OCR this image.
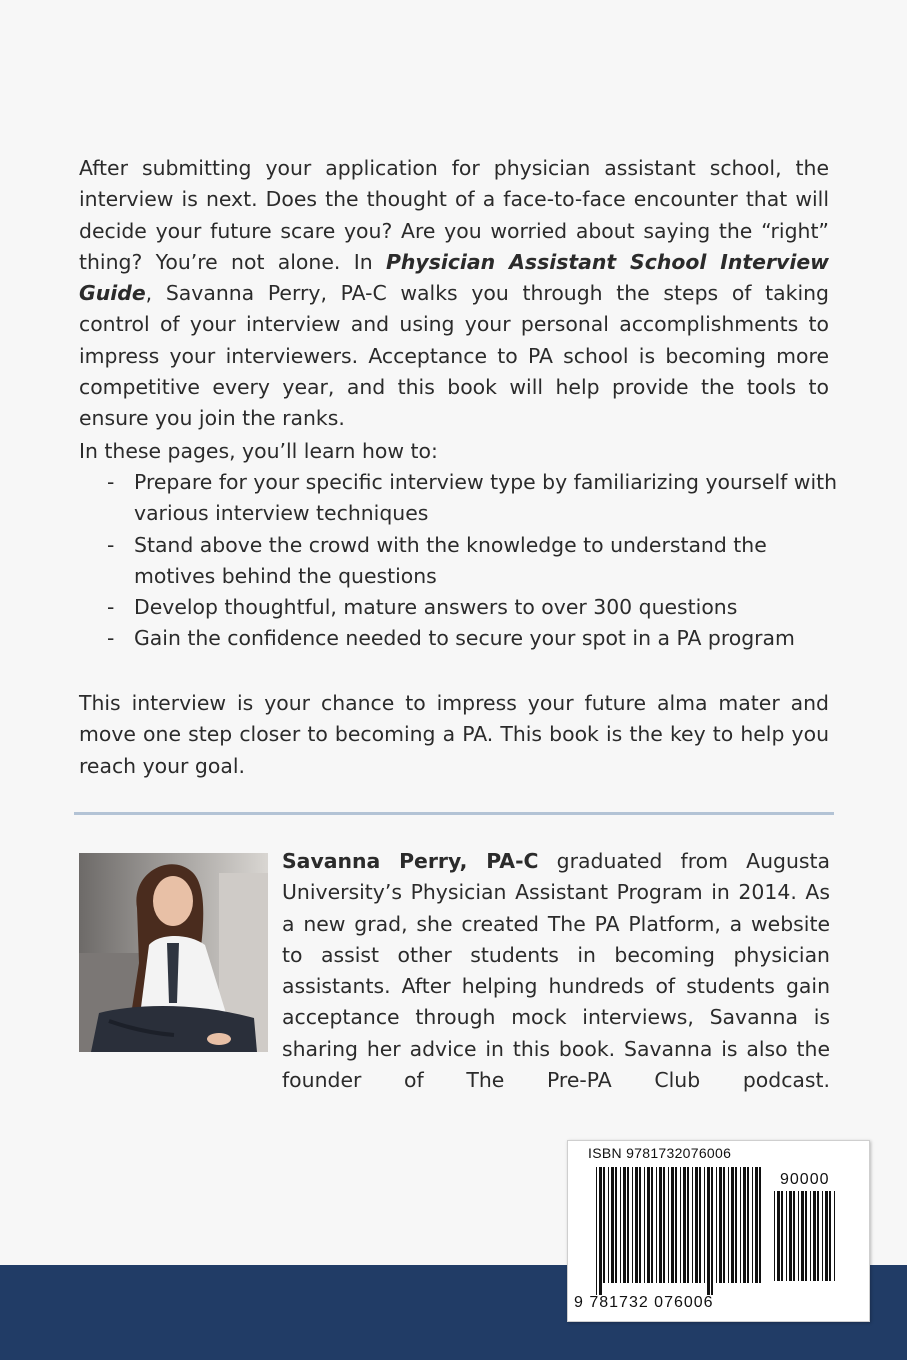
After submitting your application for physician assistant school, the interview is next. Does the thought of a face-to-face encounter that will decide your future scare you? Are you worried about saying the “right” thing? You’re not alone. In Physician Assistant School Interview Guide, Savanna Perry, PA-C walks you through the steps of taking control of your interview and using your personal accomplishments to impress your interviewers. Acceptance to PA school is becoming more competitive every year, and this book will help provide the tools to ensure you join the ranks.

In these pages, you’ll learn how to:

- Prepare for your specific interview type by familiarizing yourself with various interview techniques
- Stand above the crowd with the knowledge to understand the motives behind the questions
- Develop thoughtful, mature answers to over 300 questions
- Gain the confidence needed to secure your spot in a PA program

This interview is your chance to impress your future alma mater and move one step closer to becoming a PA. This book is the key to help you reach your goal.

Savanna Perry, PA-C graduated from Augusta University’s Physician Assistant Program in 2014. As a new grad, she created The PA Platform, a website to assist other students in becoming physician assistants. After helping hundreds of students gain acceptance through mock interviews, Savanna is sharing her advice in this book. Savanna is also the founder of The Pre-PA Club podcast.

ISBN 9781732076006
90000
9 781732 076006
